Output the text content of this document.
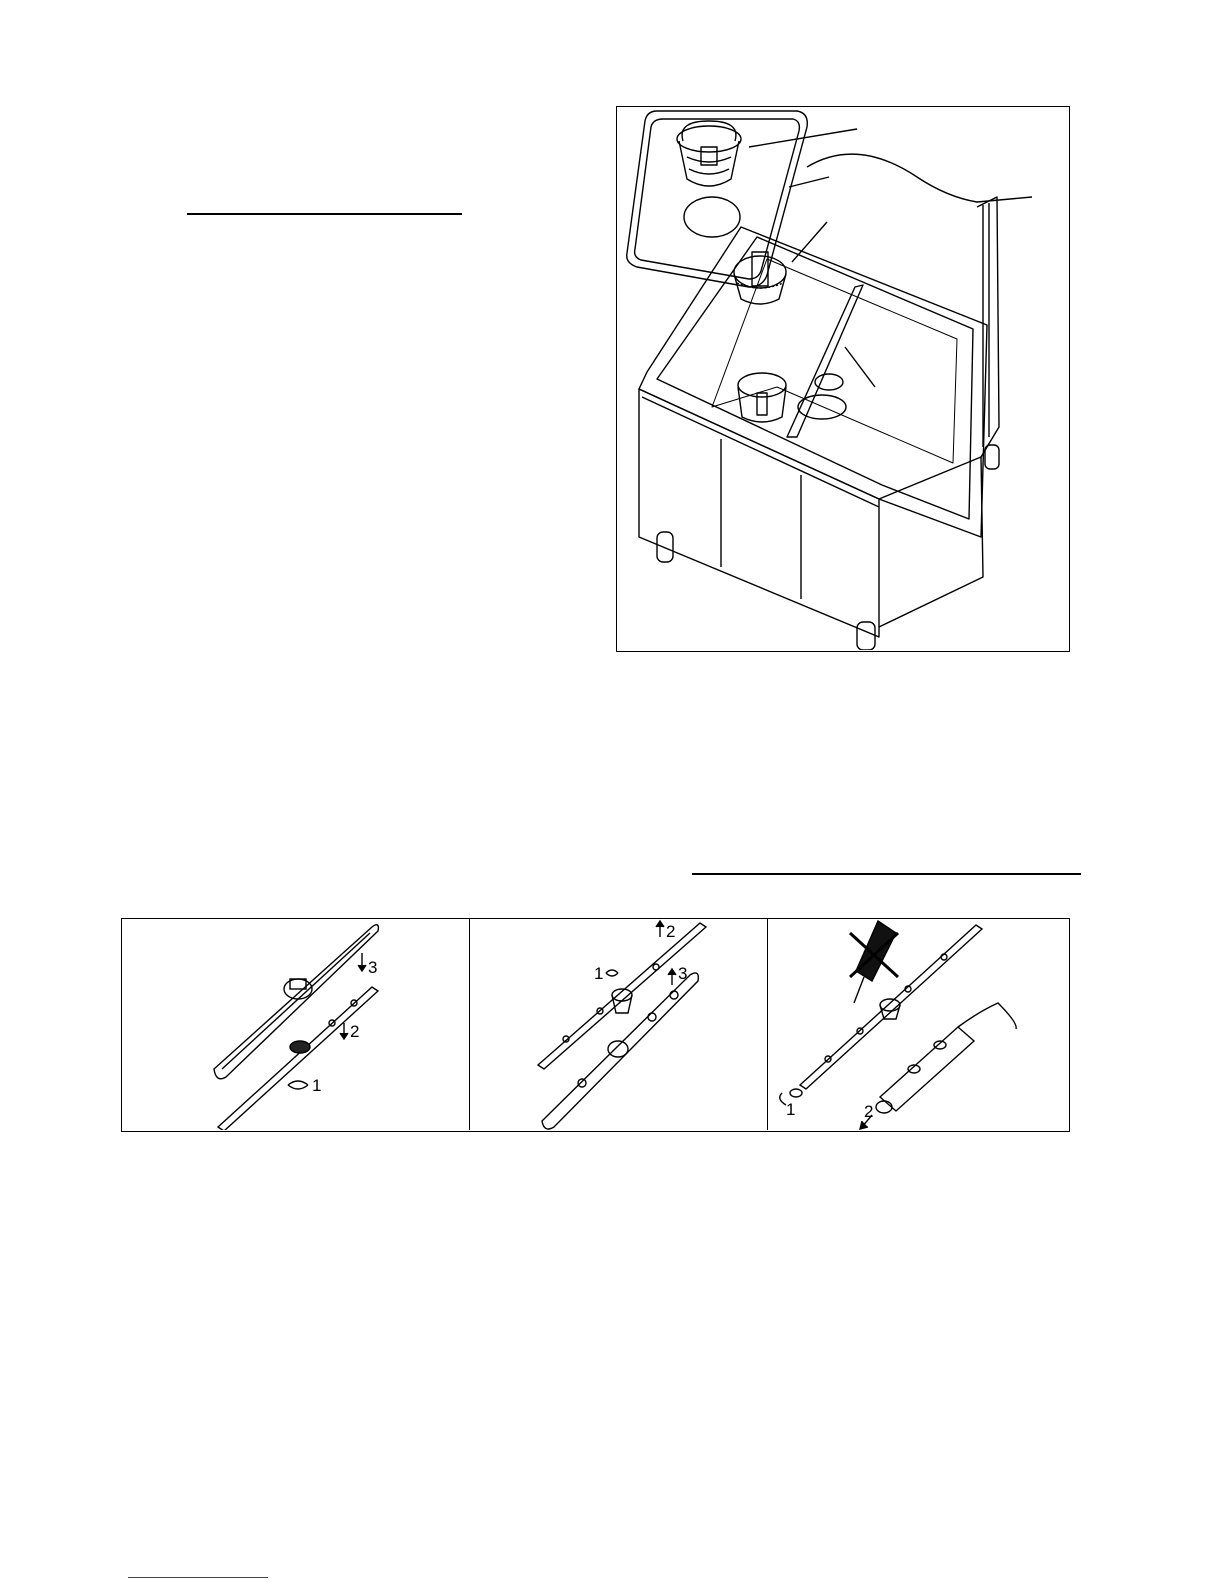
3
2
1
2
1	3
1	2
